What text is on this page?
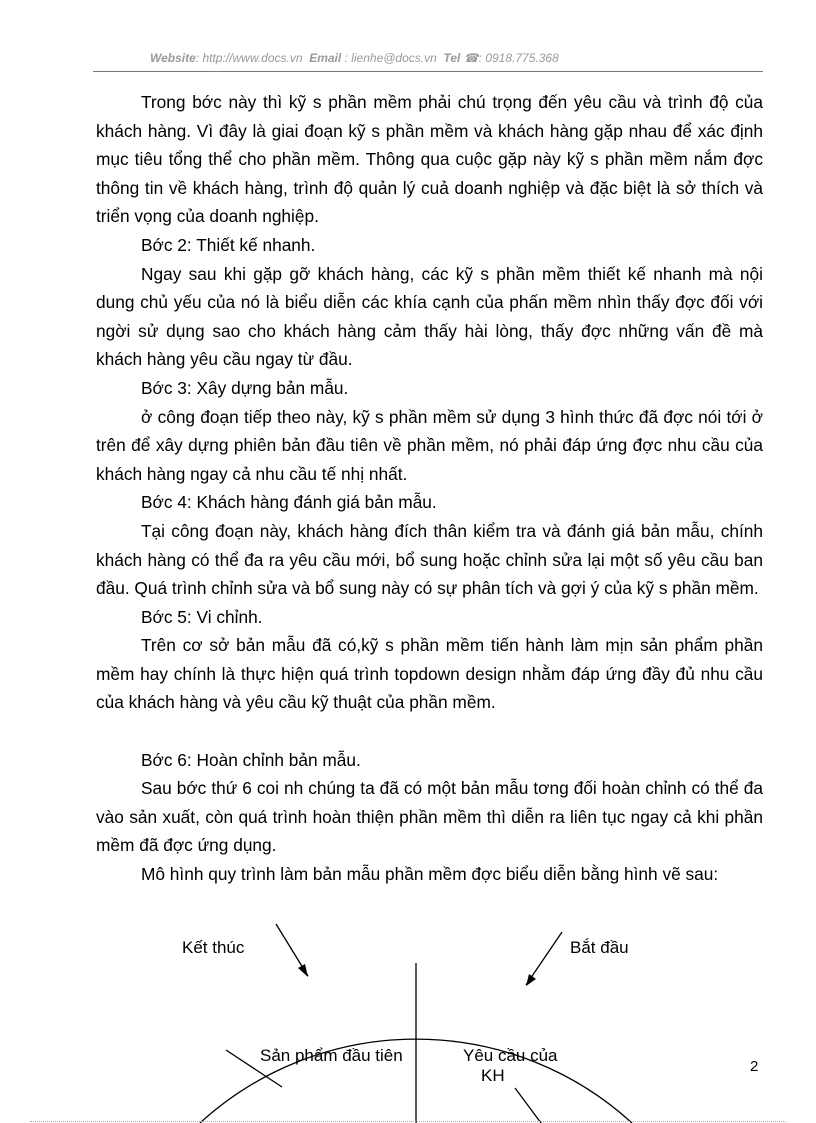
Website: http://www.docs.vn Email : lienhe@docs.vn Tel ☎: 0918.775.368

Trong bớc này thì kỹ s phần mềm phải chú trọng đến yêu cầu và trình độ của khách hàng. Vì đây là giai đoạn kỹ s phần mềm và khách hàng gặp nhau để xác định mục tiêu tổng thể cho phần mềm. Thông qua cuộc gặp này kỹ s phần mềm nắm đợc thông tin về khách hàng, trình độ quản lý cuả doanh nghiệp và đặc biệt là sở thích và triển vọng của doanh nghiệp.

Bớc 2: Thiết kế nhanh.

Ngay sau khi gặp gỡ khách hàng, các kỹ s phần mềm thiết kế nhanh mà nội dung chủ yếu của nó là biểu diễn các khía cạnh của phấn mềm nhìn thấy đợc đối với ngời sử dụng sao cho khách hàng cảm thấy hài lòng, thấy đợc những vấn đề mà khách hàng yêu cầu ngay từ đầu.

Bớc 3: Xây dựng bản mẫu.

ở công đoạn tiếp theo này, kỹ s phần mềm sử dụng 3 hình thức đã đợc nói tới ở trên để xây dựng phiên bản đầu tiên về phần mềm, nó phải đáp ứng đợc nhu cầu của khách hàng ngay cả nhu cầu tế nhị nhất.

Bớc 4: Khách hàng đánh giá bản mẫu.

Tại công đoạn này, khách hàng đích thân kiểm tra và đánh giá bản mẫu, chính khách hàng có thể đa ra yêu cầu mới, bổ sung hoặc chỉnh sửa lại một số yêu cầu ban đầu. Quá trình chỉnh sửa và bổ sung này có sự phân tích và gợi ý của kỹ s phần mềm.

Bớc 5: Vi chỉnh.

Trên cơ sở bản mẫu đã có,kỹ s phần mềm tiến hành làm mịn sản phẩm phần mềm hay chính là thực hiện quá trình topdown design nhằm đáp ứng đầy đủ nhu cầu của khách hàng và yêu cầu kỹ thuật của phần mềm.

Bớc 6: Hoàn chỉnh bản mẫu.

Sau bớc thứ 6 coi nh chúng ta đã có một bản mẫu tơng đối hoàn chỉnh có thể đa vào sản xuất, còn quá trình hoàn thiện phần mềm thì diễn ra liên tục ngay cả khi phần mềm đã đợc ứng dụng.

Mô hình quy trình làm bản mẫu phần mềm đợc biểu diễn bằng hình vẽ sau:

Kết thúc	Bắt đầu
Sản phẩm đầu tiên	Yêu cầu của
KH	2
